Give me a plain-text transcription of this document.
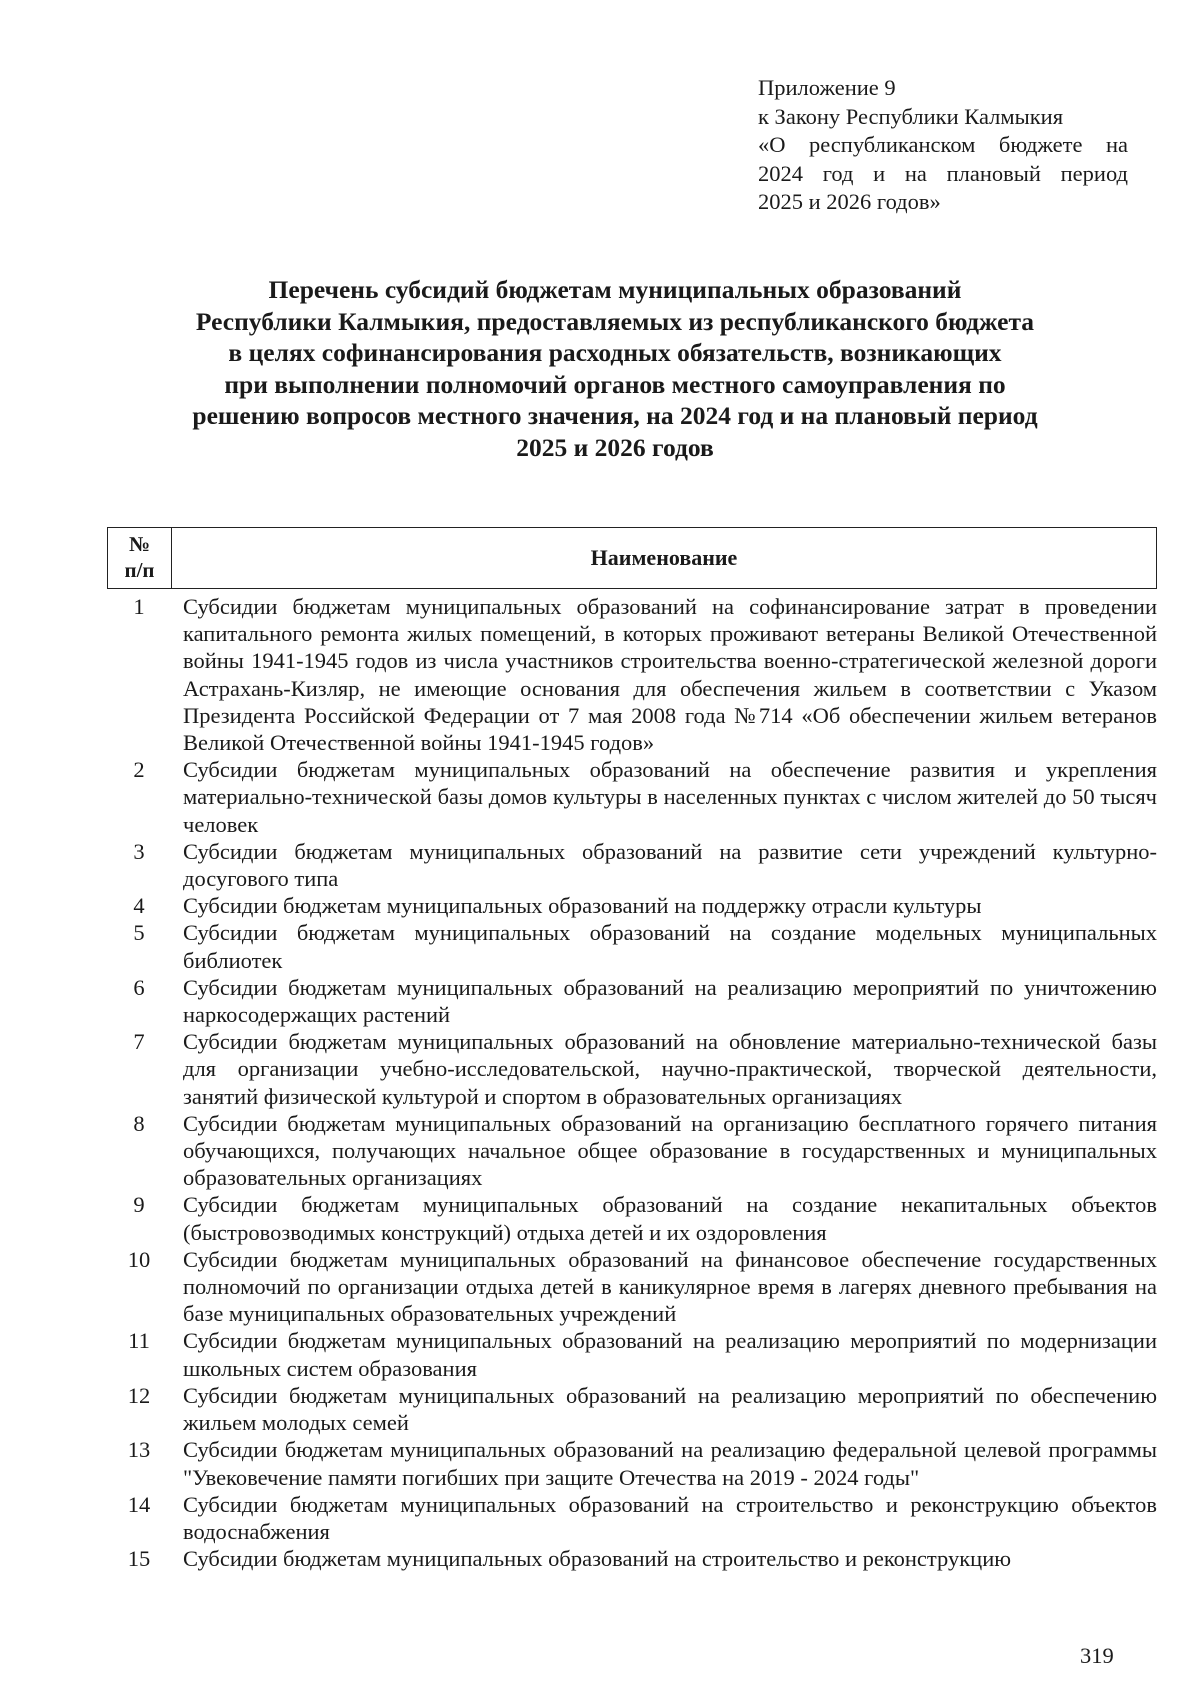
Приложение 9
к Закону Республики Калмыкия
«О республиканском бюджете на
2024 год и на плановый период
2025 и 2026 годов»
Перечень субсидий бюджетам муниципальных образований
Республики Калмыкия, предоставляемых из республиканского бюджета
в целях софинансирования расходных обязательств, возникающих
при выполнении полномочий органов местного самоуправления по
решению вопросов местного значения, на 2024 год и на плановый период
2025 и 2026 годов
№
п/п	Наименование
1	Субсидии бюджетам муниципальных образований на софинансирование затрат в проведении капитального ремонта жилых помещений, в которых проживают ветераны Великой Отечественной войны 1941-1945 годов из числа участников строительства военно-стратегической железной дороги Астрахань-Кизляр, не имеющие основания для обеспечения жильем в соответствии с Указом Президента Российской Федерации от 7 мая 2008 года №714 «Об обеспечении жильем ветеранов Великой Отечественной войны 1941-1945 годов»
2	Субсидии бюджетам муниципальных образований на обеспечение развития и укрепления материально-технической базы домов культуры в населенных пунктах с числом жителей до 50 тысяч человек
3	Субсидии бюджетам муниципальных образований на развитие сети учреждений культурно-досугового типа
4	Субсидии бюджетам муниципальных образований на поддержку отрасли культуры
5	Субсидии бюджетам муниципальных образований на создание модельных муниципальных библиотек
6	Субсидии бюджетам муниципальных образований на реализацию мероприятий по уничтожению наркосодержащих растений
7	Субсидии бюджетам муниципальных образований на обновление материально-технической базы для организации учебно-исследовательской, научно-практической, творческой деятельности, занятий физической культурой и спортом в образовательных организациях
8	Субсидии бюджетам муниципальных образований на организацию бесплатного горячего питания обучающихся, получающих начальное общее образование в государственных и муниципальных образовательных организациях
9	Субсидии бюджетам муниципальных образований на создание некапитальных объектов (быстровозводимых конструкций) отдыха детей и их оздоровления
10	Субсидии бюджетам муниципальных образований на финансовое обеспечение государственных полномочий по организации отдыха детей в каникулярное время в лагерях дневного пребывания на базе муниципальных образовательных учреждений
11	Субсидии бюджетам муниципальных образований на реализацию мероприятий по модернизации школьных систем образования
12	Субсидии бюджетам муниципальных образований на реализацию мероприятий по обеспечению жильем молодых семей
13	Субсидии бюджетам муниципальных образований на реализацию федеральной целевой программы "Увековечение памяти погибших при защите Отечества на 2019 - 2024 годы"
14	Субсидии бюджетам муниципальных образований на строительство и реконструкцию объектов водоснабжения
15	Субсидии бюджетам муниципальных образований на строительство и реконструкцию
319
